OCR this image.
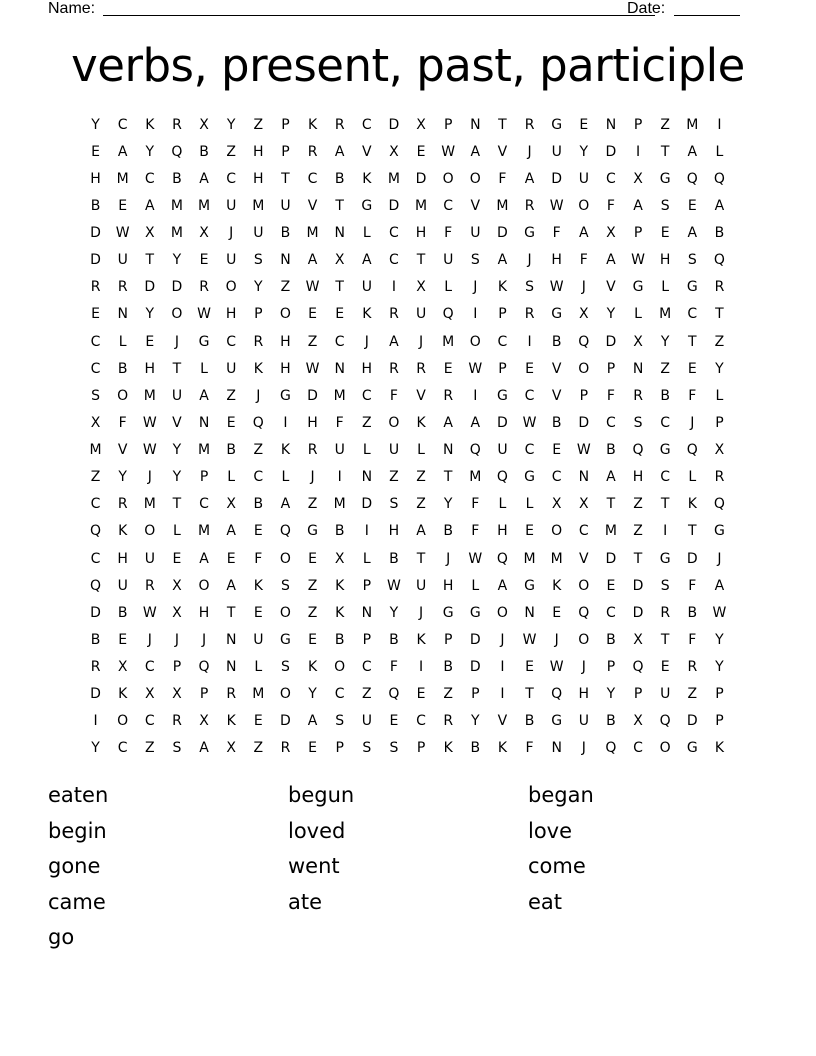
Name:	Date:
verbs, present, past, participle
Y	C	K	R	X	Y	Z	P	K	R	C	D	X	P	N	T	R	G	E	N	P	Z	M	I
E	A	Y	Q	B	Z	H	P	R	A	V	X	E	W	A	V	J	U	Y	D	I	T	A	L
H	M	C	B	A	C	H	T	C	B	K	M	D	O	O	F	A	D	U	C	X	G	Q	Q
B	E	A	M	M	U	M	U	V	T	G	D	M	C	V	M	R	W	O	F	A	S	E	A
D	W	X	M	X	J	U	B	M	N	L	C	H	F	U	D	G	F	A	X	P	E	A	B
D	U	T	Y	E	U	S	N	A	X	A	C	T	U	S	A	J	H	F	A	W	H	S	Q
R	R	D	D	R	O	Y	Z	W	T	U	I	X	L	J	K	S	W	J	V	G	L	G	R
E	N	Y	O	W	H	P	O	E	E	K	R	U	Q	I	P	R	G	X	Y	L	M	C	T
C	L	E	J	G	C	R	H	Z	C	J	A	J	M	O	C	I	B	Q	D	X	Y	T	Z
C	B	H	T	L	U	K	H	W	N	H	R	R	E	W	P	E	V	O	P	N	Z	E	Y
S	O	M	U	A	Z	J	G	D	M	C	F	V	R	I	G	C	V	P	F	R	B	F	L
X	F	W	V	N	E	Q	I	H	F	Z	O	K	A	A	D	W	B	D	C	S	C	J	P
M	V	W	Y	M	B	Z	K	R	U	L	U	L	N	Q	U	C	E	W	B	Q	G	Q	X
Z	Y	J	Y	P	L	C	L	J	I	N	Z	Z	T	M	Q	G	C	N	A	H	C	L	R
C	R	M	T	C	X	B	A	Z	M	D	S	Z	Y	F	L	L	X	X	T	Z	T	K	Q
Q	K	O	L	M	A	E	Q	G	B	I	H	A	B	F	H	E	O	C	M	Z	I	T	G
C	H	U	E	A	E	F	O	E	X	L	B	T	J	W	Q	M	M	V	D	T	G	D	J
Q	U	R	X	O	A	K	S	Z	K	P	W	U	H	L	A	G	K	O	E	D	S	F	A
D	B	W	X	H	T	E	O	Z	K	N	Y	J	G	G	O	N	E	Q	C	D	R	B	W
B	E	J	J	J	N	U	G	E	B	P	B	K	P	D	J	W	J	O	B	X	T	F	Y
R	X	C	P	Q	N	L	S	K	O	C	F	I	B	D	I	E	W	J	P	Q	E	R	Y
D	K	X	X	P	R	M	O	Y	C	Z	Q	E	Z	P	I	T	Q	H	Y	P	U	Z	P
I	O	C	R	X	K	E	D	A	S	U	E	C	R	Y	V	B	G	U	B	X	Q	D	P
Y	C	Z	S	A	X	Z	R	E	P	S	S	P	K	B	K	F	N	J	Q	C	O	G	K
eaten	begun	began
begin	loved	love
gone	went	come
came	ate	eat
go
